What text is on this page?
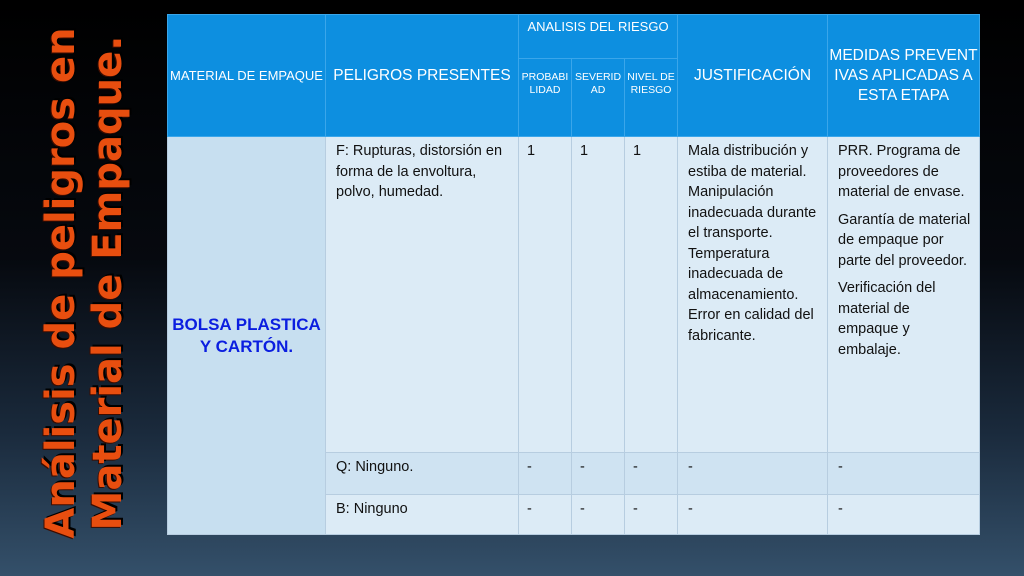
Análisis de peligros en Material de Empaque.	MATERIAL DE EMPAQUE	PELIGROS PRESENTES	ANALISIS DEL RIESGO			JUSTIFICACIÓN	MEDIDAS PREVENTIVAS APLICADAS A ESTA ETAPA
		PROBABILIDAD	SEVERIDAD	NIVEL DE RIESGO		

BOLSA PLASTICA Y CARTÓN.	F: Rupturas, distorsión en forma de la envoltura, polvo, humedad.	1	1	1	Mala distribución y estiba de material. Manipulación inadecuada durante el transporte. Temperatura inadecuada de almacenamiento. Error en calidad del fabricante.	PRR. Programa de proveedores de material de envase.

Garantía de material de empaque por parte del proveedor.

Verificación del material de empaque y embalaje.

	Q: Ninguno.	-	-	-	-	-
	B: Ninguno	-	-	-	-	-
